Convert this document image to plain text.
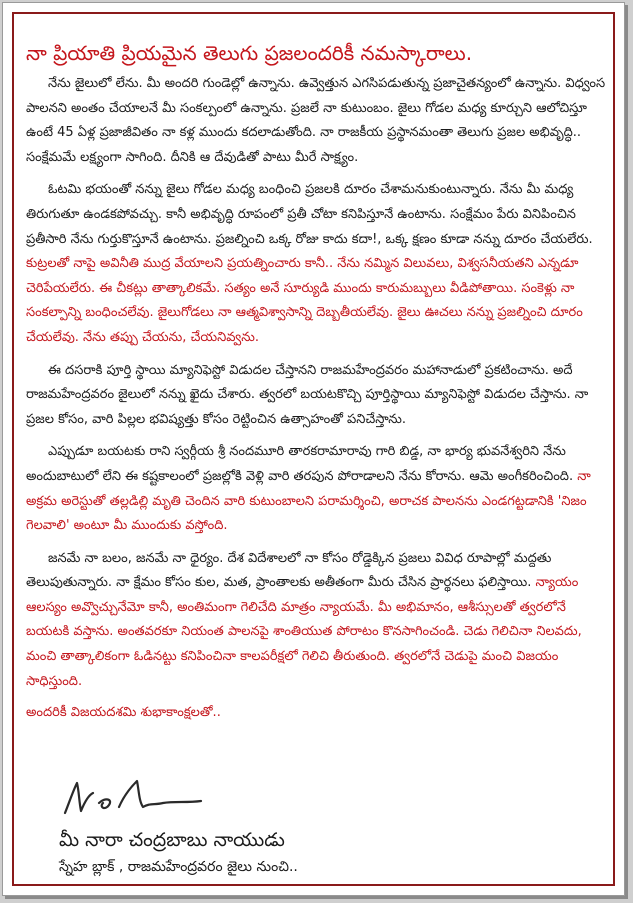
నా ప్రియాతి ప్రియమైన తెలుగు ప్రజలందరికీ నమస్కారాలు.

నేను జైలులో లేను. మీ అందరి గుండెల్లో ఉన్నాను. ఉవ్వెత్తున ఎగసిపడుతున్న ప్రజాచైతన్యంలో ఉన్నాను. విధ్వంస పాలనని అంతం చేయాలనే మీ సంకల్పంలో ఉన్నాను. ప్రజలే నా కుటుంబం. జైలు గోడల మధ్య కూర్చుని ఆలోచిస్తూ ఉంటే 45 ఏళ్ల ప్రజాజీవితం నా కళ్ల ముందు కదలాడుతోంది. నా రాజకీయ ప్రస్థానమంతా తెలుగు ప్రజల అభివృద్ధి.. సంక్షేమమే లక్ష్యంగా సాగింది. దీనికి ఆ దేవుడితో పాటు మీరే సాక్ష్యం.

ఓటమి భయంతో నన్ను జైలు గోడల మధ్య బంధించి ప్రజలకి దూరం చేశామనుకుంటున్నారు. నేను మీ మధ్య తిరుగుతూ ఉండకపోవచ్చు. కానీ అభివృద్ధి రూపంలో ప్రతీ చోటా కనిపిస్తూనే ఉంటాను. సంక్షేమం పేరు వినిపించిన ప్రతీసారి నేను గుర్తుకొస్తూనే ఉంటాను. ప్రజల్నించి ఒక్క రోజు కాదు కదా!, ఒక్క క్షణం కూడా నన్ను దూరం చేయలేరు. కుట్రలతో నాపై అవినీతి ముద్ర వేయాలని ప్రయత్నించారు కానీ.. నేను నమ్మిన విలువలు, విశ్వసనీయతని ఎన్నడూ చెరిపేయలేరు. ఈ చీకట్లు తాత్కాలికమే. సత్యం అనే సూర్యుడి ముందు కారుమబ్బులు వీడిపోతాయి. సంకెళ్లు నా సంకల్పాన్ని బంధించలేవు. జైలుగోడలు నా ఆత్మవిశ్వాసాన్ని దెబ్బతీయలేవు. జైలు ఊచలు నన్ను ప్రజల్నించి దూరం చేయలేవు. నేను తప్పు చేయను, చేయనివ్వను.

ఈ దసరాకి పూర్తి స్థాయి మ్యానిఫెస్టో విడుదల చేస్తానని రాజమహేంద్రవరం మహానాడులో ప్రకటించాను. అదే రాజమహేంద్రవరం జైలులో నన్ను ఖైదు చేశారు. త్వరలో బయటకొచ్చి పూర్తిస్థాయి మ్యానిఫెస్టో విడుదల చేస్తాను. నా ప్రజల కోసం, వారి పిల్లల భవిష్యత్తు కోసం రెట్టించిన ఉత్సాహంతో పనిచేస్తాను.

ఎప్పుడూ బయటకు రాని స్వర్గీయ శ్రీ నందమూరి తారకరామారావు గారి బిడ్డ, నా భార్య భువనేశ్వరిని నేను అందుబాటులో లేని ఈ కష్టకాలంలో ప్రజల్లోకి వెళ్లి వారి తరపున పోరాడాలని నేను కోరాను. ఆమె అంగీకరించింది. నా అక్రమ అరెస్టుతో తల్లడిల్లి మృతి చెందిన వారి కుటుంబాలని పరామర్శించి, అరాచక పాలనను ఎండగట్టడానికి 'నిజం గెలవాలి' అంటూ మీ ముందుకు వస్తోంది.

జనమే నా బలం, జనమే నా ధైర్యం. దేశ విదేశాలలో నా కోసం రోడ్డెక్కిన ప్రజలు వివిధ రూపాల్లో మద్దతు తెలుపుతున్నారు. నా క్షేమం కోసం కుల, మత, ప్రాంతాలకు అతీతంగా మీరు చేసిన ప్రార్థనలు ఫలిస్తాయి. న్యాయం ఆలస్యం అవ్వొచ్చునేమో కానీ, అంతిమంగా గెలిచేది మాత్రం న్యాయమే. మీ అభిమానం, ఆశీస్సులతో త్వరలోనే బయటకి వస్తాను. అంతవరకూ నియంత పాలనపై శాంతియుత పోరాటం కొనసాగించండి. చెడు గెలిచినా నిలవదు, మంచి తాత్కాలికంగా ఓడినట్టు కనిపించినా కాలపరీక్షలో గెలిచి తీరుతుంది. త్వరలోనే చెడుపై మంచి విజయం సాధిస్తుంది.

అందరికీ విజయదశమి శుభాకాంక్షలతో..
మీ నారా చంద్రబాబు నాయుడు
స్నేహ బ్లాక్ , రాజమహేంద్రవరం జైలు నుంచి..
